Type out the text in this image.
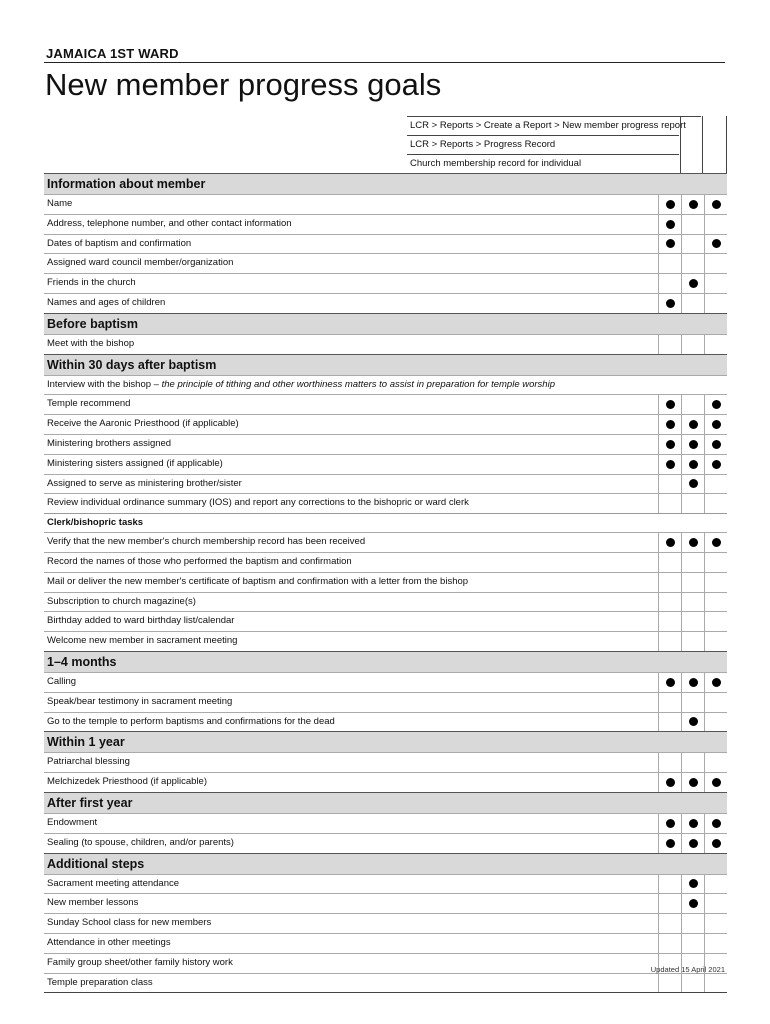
JAMAICA 1ST WARD
New member progress goals
LCR > Reports > Create a Report > New member progress report
LCR > Reports > Progress Record
Church membership record for individual
Information about member
Name
Address, telephone number, and other contact information
Dates of baptism and confirmation
Assigned ward council member/organization
Friends in the church
Names and ages of children
Before baptism
Meet with the bishop
Within 30 days after baptism
Interview with the bishop – the principle of tithing and other worthiness matters to assist in preparation for temple worship
Temple recommend
Receive the Aaronic Priesthood (if applicable)
Ministering brothers assigned
Ministering sisters assigned (if applicable)
Assigned to serve as ministering brother/sister
Review individual ordinance summary (IOS) and report any corrections to the bishopric or ward clerk
Clerk/bishopric tasks
Verify that the new member's church membership record has been received
Record the names of those who performed the baptism and confirmation
Mail or deliver the new member's certificate of baptism and confirmation with a letter from the bishop
Subscription to church magazine(s)
Birthday added to ward birthday list/calendar
Welcome new member in sacrament meeting
1–4 months
Calling
Speak/bear testimony in sacrament meeting
Go to the temple to perform baptisms and confirmations for the dead
Within 1 year
Patriarchal blessing
Melchizedek Priesthood (if applicable)
After first year
Endowment
Sealing (to spouse, children, and/or parents)
Additional steps
Sacrament meeting attendance
New member lessons
Sunday School class for new members
Attendance in other meetings
Family group sheet/other family history work
Temple preparation class
Updated 15 April 2021
